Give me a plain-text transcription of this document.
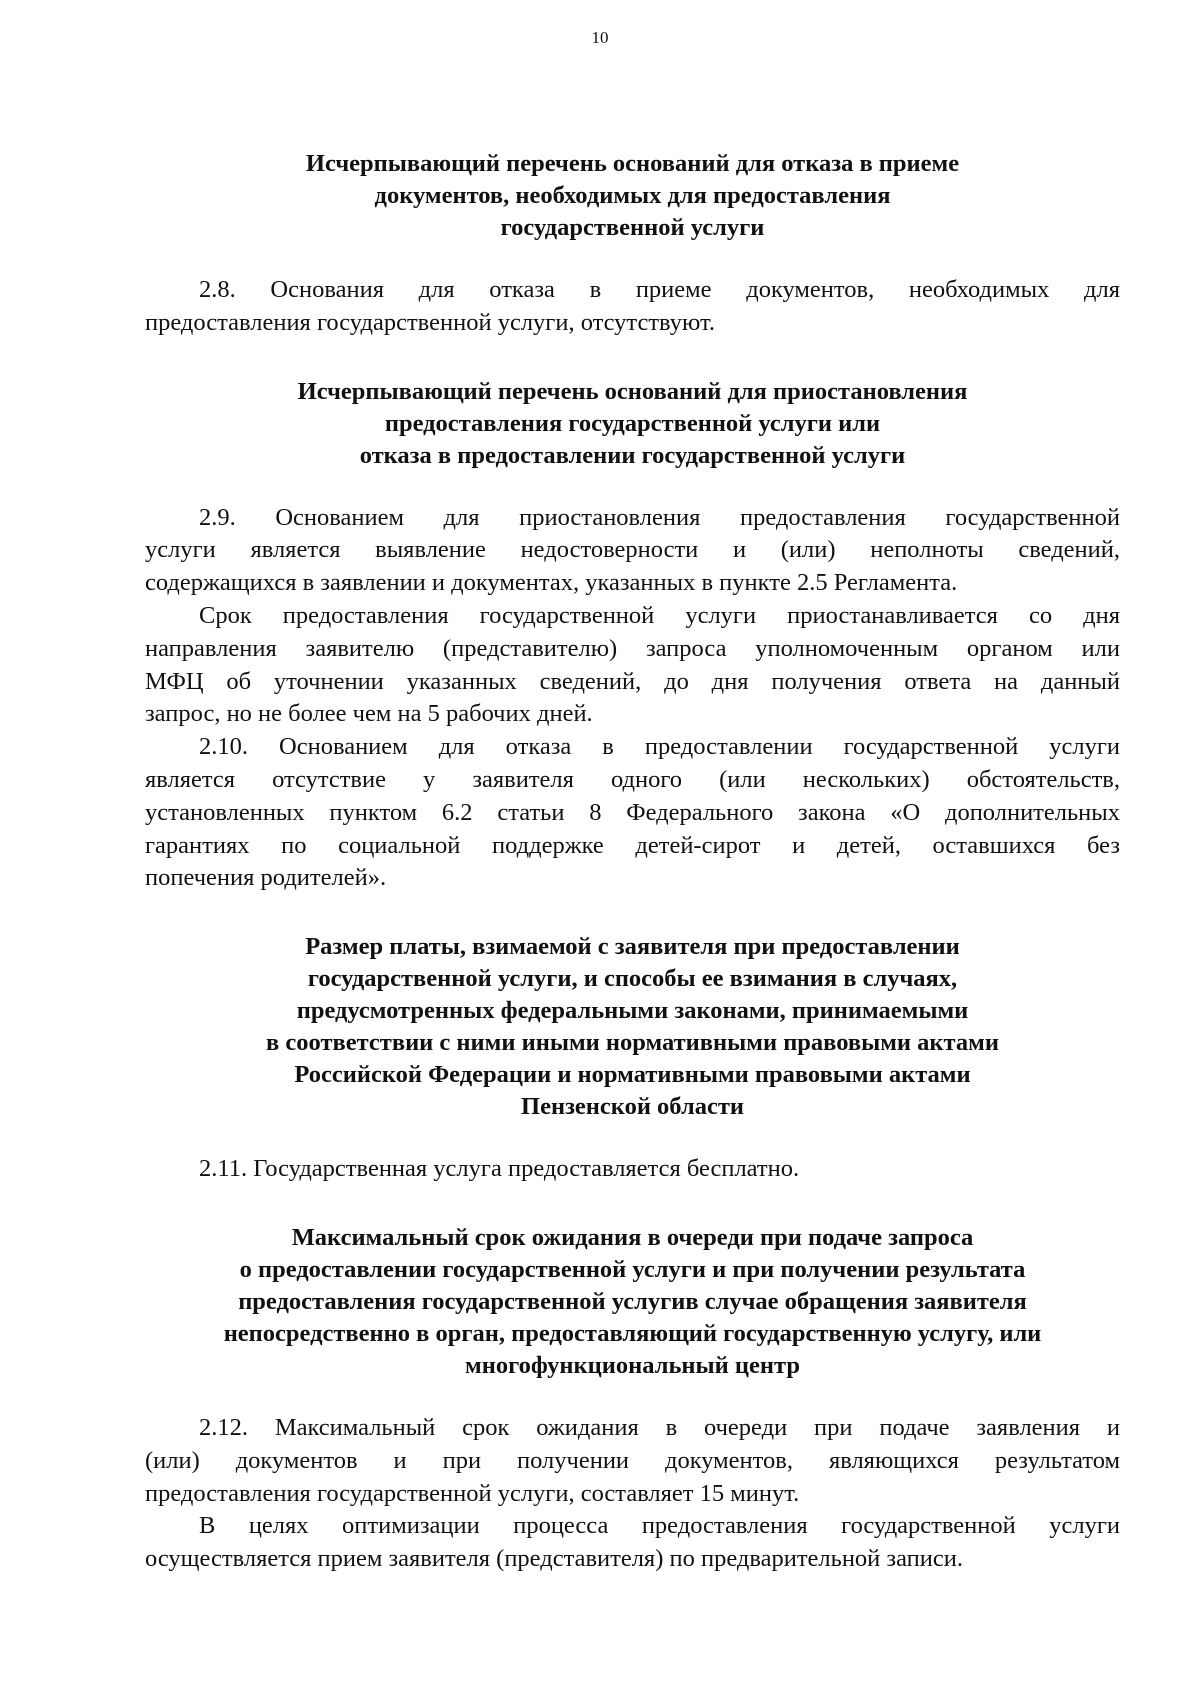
10
Исчерпывающий перечень оснований для отказа в приеме
документов, необходимых для предоставления
государственной услуги
2.8. Основания для отказа в приеме документов, необходимых для
предоставления государственной услуги, отсутствуют.
Исчерпывающий перечень оснований для приостановления
предоставления государственной услуги или
отказа в предоставлении государственной услуги
2.9. Основанием для приостановления предоставления государственной
услуги является выявление недостоверности и (или) неполноты сведений,
содержащихся в заявлении и документах, указанных в пункте 2.5 Регламента.
Срок предоставления государственной услуги приостанавливается со дня
направления заявителю (представителю) запроса уполномоченным органом или
МФЦ об уточнении указанных сведений, до дня получения ответа на данный
запрос, но не более чем на 5 рабочих дней.
2.10. Основанием для отказа в предоставлении государственной услуги
является отсутствие у заявителя одного (или нескольких) обстоятельств,
установленных пунктом 6.2 статьи 8 Федерального закона «О дополнительных
гарантиях по социальной поддержке детей-сирот и детей, оставшихся без
попечения родителей».
Размер платы, взимаемой с заявителя при предоставлении
государственной услуги, и способы ее взимания в случаях,
предусмотренных федеральными законами, принимаемыми
в соответствии с ними иными нормативными правовыми актами
Российской Федерации и нормативными правовыми актами
Пензенской области
2.11. Государственная услуга предоставляется бесплатно.
Максимальный срок ожидания в очереди при подаче запроса
о предоставлении государственной услуги и при получении результата
предоставления государственной услугив случае обращения заявителя
непосредственно в орган, предоставляющий государственную услугу, или
многофункциональный центр
2.12. Максимальный срок ожидания в очереди при подаче заявления и
(или) документов и при получении документов, являющихся результатом
предоставления государственной услуги, составляет 15 минут.
В целях оптимизации процесса предоставления государственной услуги
осуществляется прием заявителя (представителя) по предварительной записи.
